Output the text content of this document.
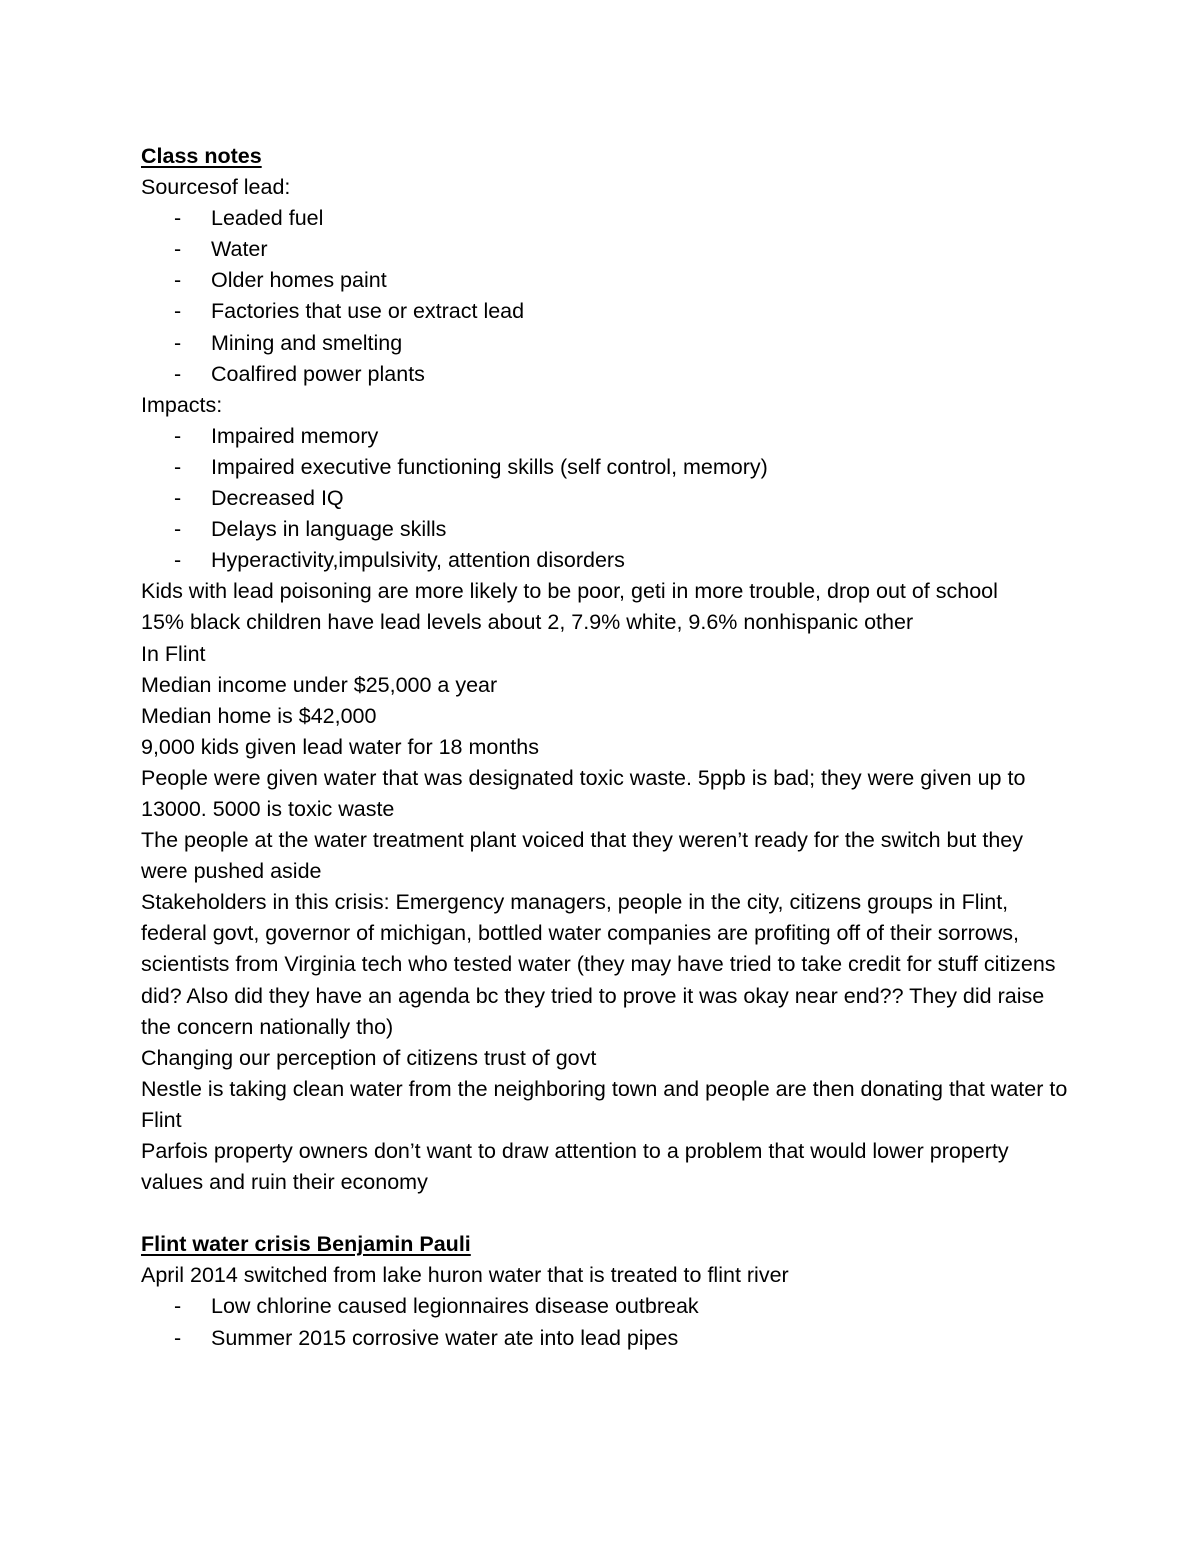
Class notes

Sourcesof lead:

- Leaded fuel
- Water
- Older homes paint
- Factories that use or extract lead
- Mining and smelting
- Coalfired power plants

Impacts:

- Impaired memory
- Impaired executive functioning skills (self control, memory)
- Decreased IQ
- Delays in language skills
- Hyperactivity,impulsivity, attention disorders

Kids with lead poisoning are more likely to be poor, geti in more trouble, drop out of school

15% black children have lead levels about 2, 7.9% white, 9.6% nonhispanic other

In Flint

Median income under $25,000 a year

Median home is $42,000

9,000 kids given lead water for 18 months

People were given water that was designated toxic waste. 5ppb is bad; they were given up to 13000. 5000 is toxic waste

The people at the water treatment plant voiced that they weren’t ready for the switch but they were pushed aside

Stakeholders in this crisis: Emergency managers, people in the city, citizens groups in Flint, federal govt, governor of michigan, bottled water companies are profiting off of their sorrows, scientists from Virginia tech who tested water (they may have tried to take credit for stuff citizens did? Also did they have an agenda bc they tried to prove it was okay near end?? They did raise the concern nationally tho)

Changing our perception of citizens trust of govt

Nestle is taking clean water from the neighboring town and people are then donating that water to Flint

Parfois property owners don’t want to draw attention to a problem that would lower property values and ruin their economy

Flint water crisis Benjamin Pauli

April 2014 switched from lake huron water that is treated to flint river

- Low chlorine caused legionnaires disease outbreak
- Summer 2015 corrosive water ate into lead pipes
